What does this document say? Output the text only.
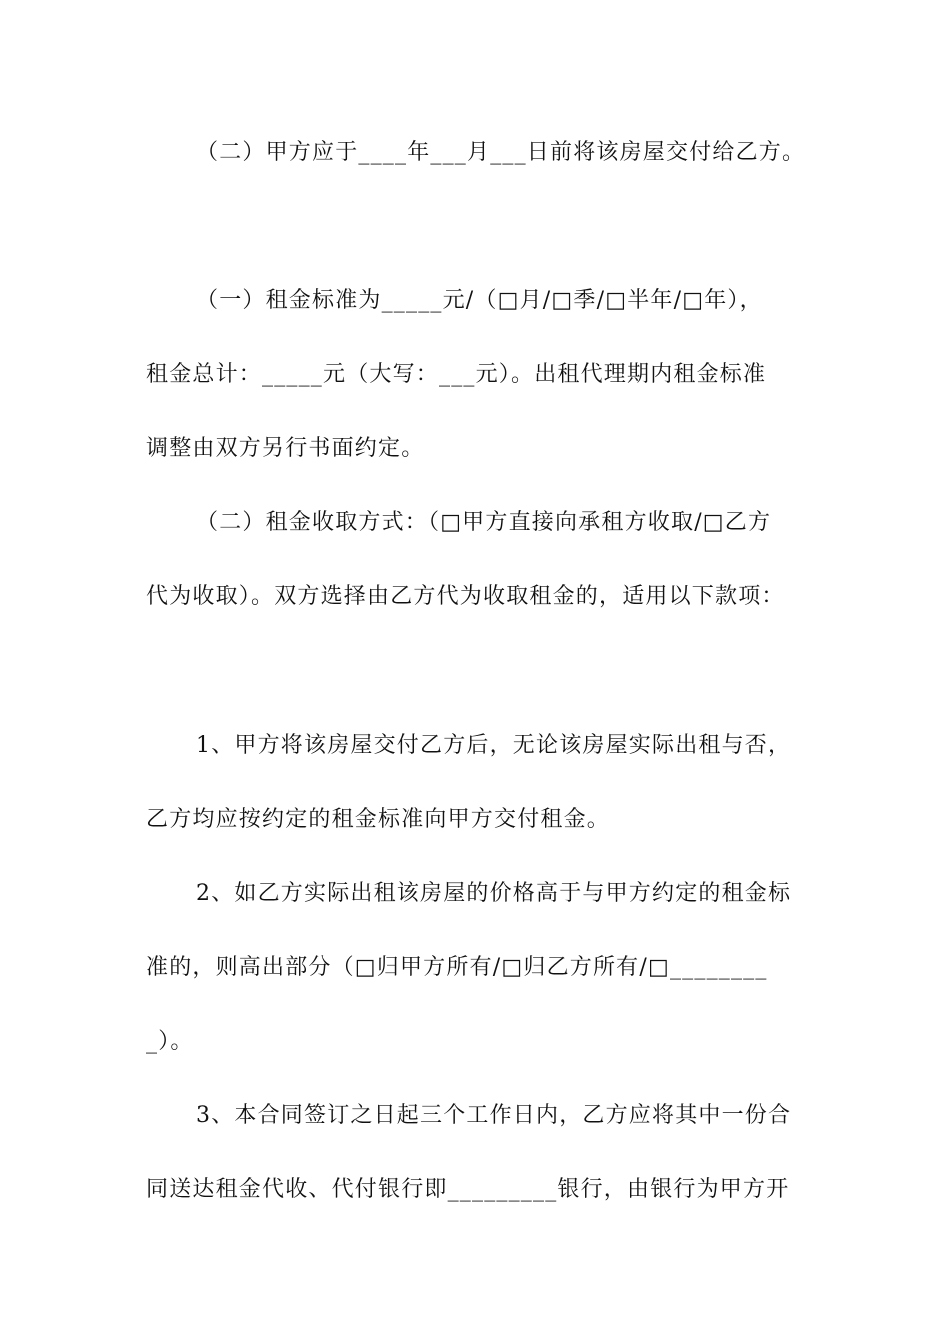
（二）甲方应于____年___月___日前将该房屋交付给乙方。
（一）租金标准为_____元/（□月/□季/□半年/□年），
租金总计：_____元（大写：___元）。出租代理期内租金标准
调整由双方另行书面约定。
（二）租金收取方式：（□甲方直接向承租方收取/□乙方
代为收取）。双方选择由乙方代为收取租金的，适用以下款项：
1、甲方将该房屋交付乙方后，无论该房屋实际出租与否，
乙方均应按约定的租金标准向甲方交付租金。
2、如乙方实际出租该房屋的价格高于与甲方约定的租金标
准的，则高出部分（□归甲方所有/□归乙方所有/□________
_）。
3、本合同签订之日起三个工作日内，乙方应将其中一份合
同送达租金代收、代付银行即_________银行，由银行为甲方开
